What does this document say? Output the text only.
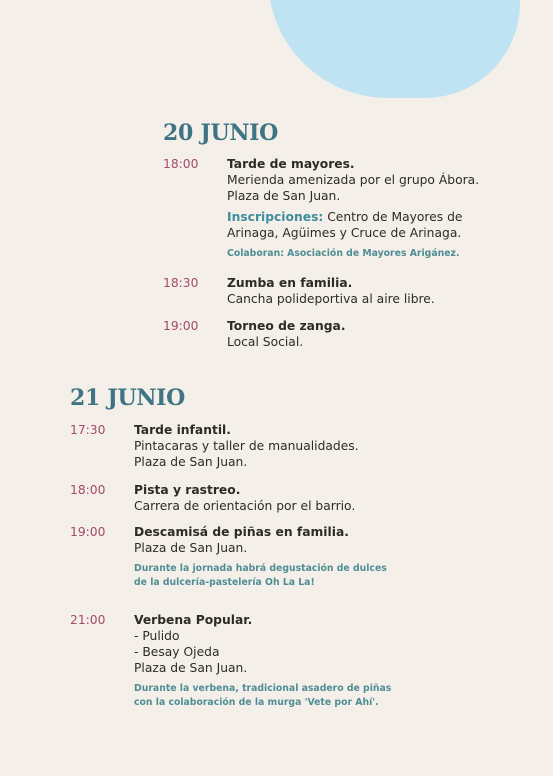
20 JUNIO
18:00 Tarde de mayores.
Merienda amenizada por el grupo Ábora.
Plaza de San Juan.
Inscripciones: Centro de Mayores de
Arinaga, Agüimes y Cruce de Arinaga.
Colaboran: Asociación de Mayores Arigánez.
18:30 Zumba en familia.
Cancha polideportiva al aire libre.
19:00 Torneo de zanga.
Local Social.
21 JUNIO
17:30 Tarde infantil.
Pintacaras y taller de manualidades.
Plaza de San Juan.
18:00 Pista y rastreo.
Carrera de orientación por el barrio.
19:00 Descamisá de piñas en familia.
Plaza de San Juan.
Durante la jornada habrá degustación de dulces
de la dulcería-pastelería Oh La La!
21:00 Verbena Popular.
- Pulido
- Besay Ojeda
Plaza de San Juan.
Durante la verbena, tradicional asadero de piñas
con la colaboración de la murga 'Vete por Ahí'.
